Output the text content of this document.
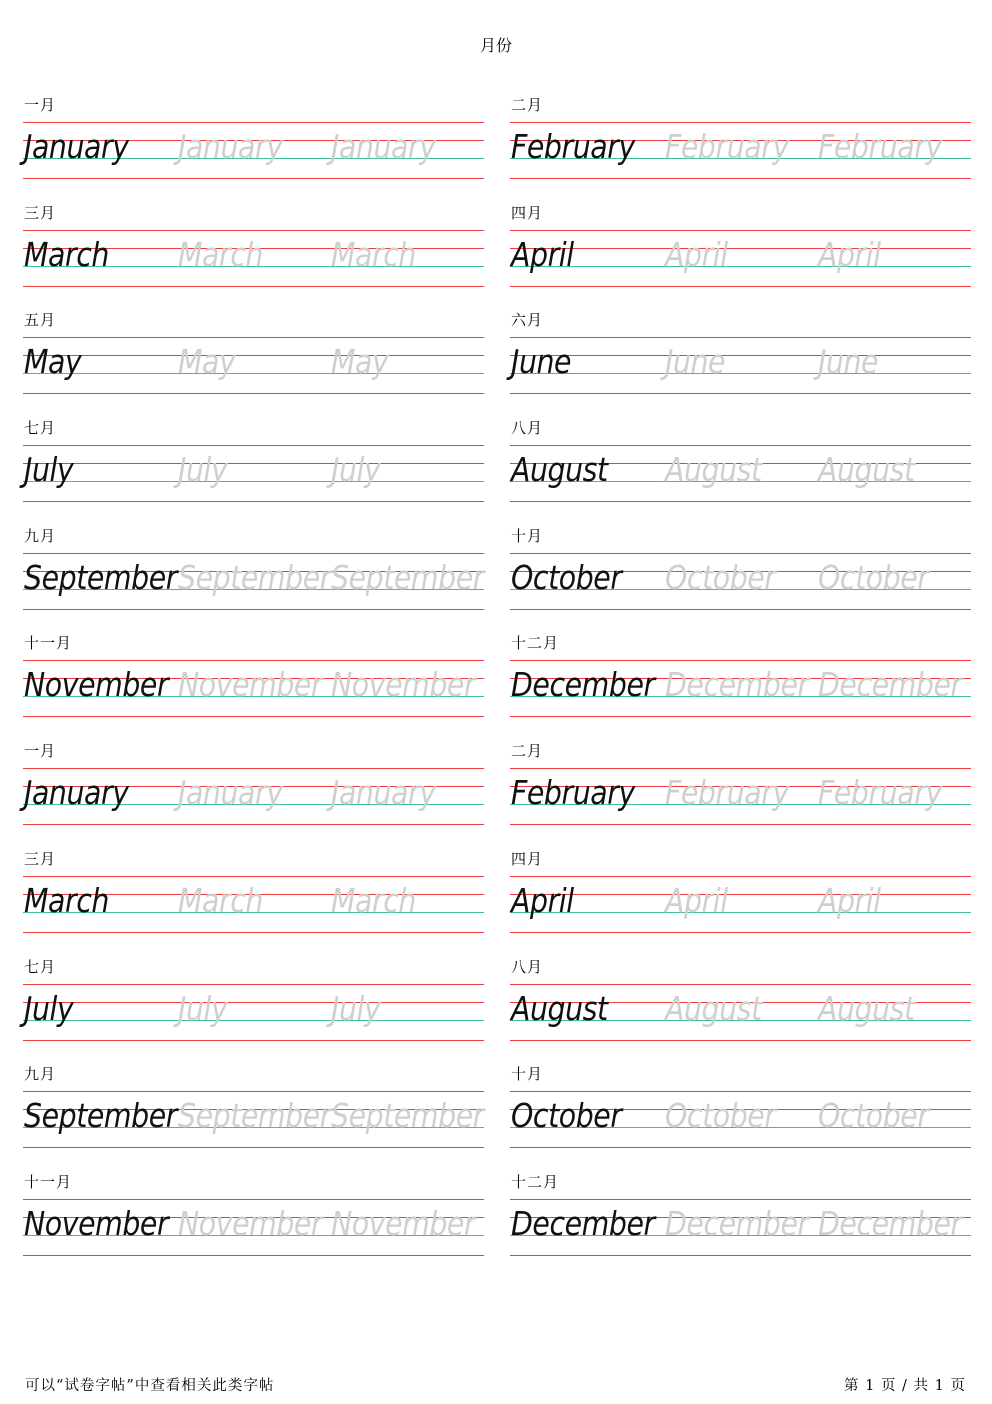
月份
一月
January January January
二月
February February February
三月
March March March
四月
April	April	April
五月
May	May	May
六月
June	June	June
七月
July	July	July
八月
August August August
九月
September September September
十月
October October October
十一月
November November November
十二月
December December December
一月
January January January
二月
February February February
三月
March March March
四月
April	April	April
七月
July	July	July
八月
August August August
九月
September September September
十月
October October October
十一月
November November November
十二月
December December December
可以“试卷字帖”中查看相关此类字帖	第 1 页 / 共 1 页
